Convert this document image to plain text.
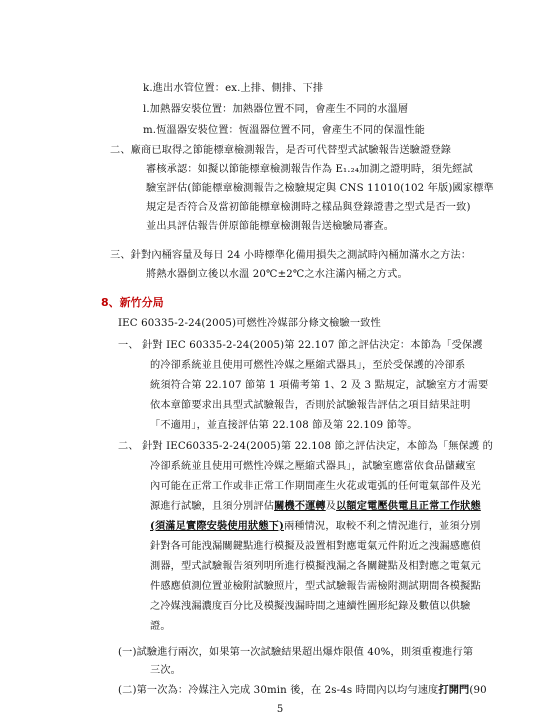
k.進出水管位置：ex.上排、側排、下排
l.加熱器安裝位置：加熱器位置不同，會產生不同的水溫層
m.恆溫器安裝位置：恆溫器位置不同，會產生不同的保溫性能
二、廠商已取得之節能標章檢測報告，是否可代替型式試驗報告送驗證登錄
審核承認：如擬以節能標章檢測報告作為 E₁.₂₄加測之證明時，須先經試
驗室評估(節能標章檢測報告之檢驗規定與 CNS 11010(102 年版)國家標準
規定是否符合及當初節能標章檢測時之樣品與登錄證書之型式是否一致)
並出具評估報告併原節能標章檢測報告送檢驗局審查。
三、針對內桶容量及每日 24 小時標準化備用損失之測試時內桶加滿水之方法：
將熱水器倒立後以水溫 20℃±2℃之水注滿內桶之方式。
8、新竹分局
IEC 60335-2-24(2005)可燃性冷媒部分條文檢驗一致性
一、 針對 IEC 60335-2-24(2005)第 22.107 節之評估決定：本節為「受保護
的冷卻系統並且使用可燃性冷媒之壓縮式器具」，至於受保護的冷卻系
統須符合第 22.107 節第 1 項備考第 1、2 及 3 點規定，試驗室方才需要
依本章節要求出具型式試驗報告，否則於試驗報告評估之項目結果註明
「不適用」，並直接評估第 22.108 節及第 22.109 節等。
二、 針對 IEC60335-2-24(2005)第 22.108 節之評估決定，本節為「無保護 的
冷卻系統並且使用可燃性冷媒之壓縮式器具」，試驗室應當依食品儲藏室
內可能在正常工作或非正常工作期間產生火花或電弧的任何電氣部件及光
源進行試驗，且須分別評估關機不運轉及以額定電壓供電且正常工作狀態
(須滿足實際安裝使用狀態下)兩種情況，取較不利之情況進行，並須分別
針對各可能洩漏關鍵點進行模擬及設置相對應電氣元件附近之洩漏感應偵
測器，型式試驗報告須列明所進行模擬洩漏之各關鍵點及相對應之電氣元
件感應偵測位置並檢附試驗照片，型式試驗報告需檢附測試期間各模擬點
之冷媒洩漏濃度百分比及模擬洩漏時間之連續性圖形紀錄及數值以供驗
證。
(一)試驗進行兩次，如果第一次試驗結果超出爆炸限值 40%，則須重複進行第
三次。
(二)第一次為：冷媒注入完成 30min 後，在 2s-4s 時間內以均勻速度打開門(90
5
